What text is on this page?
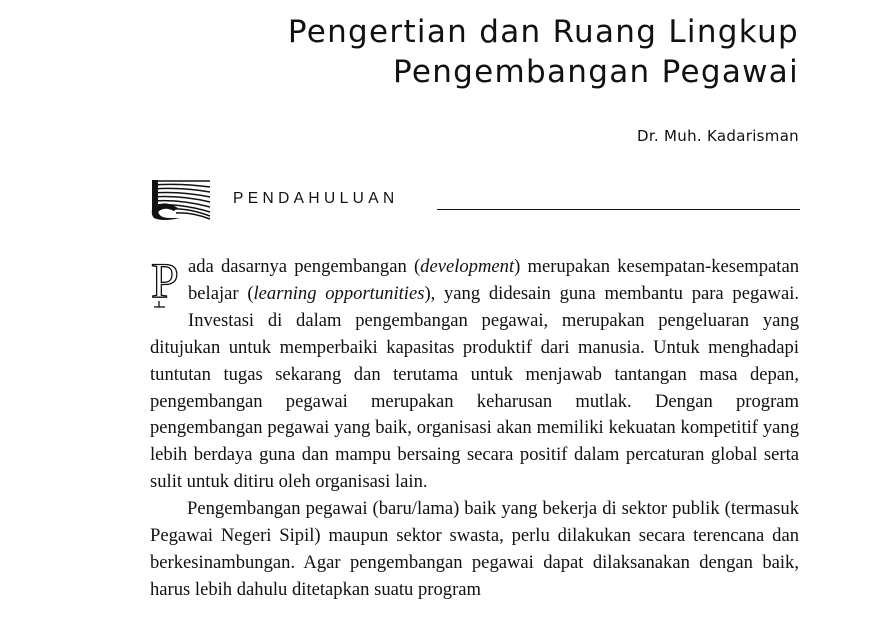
Pengertian dan Ruang Lingkup
Pengembangan Pegawai
Dr. Muh. Kadarisman
PENDAHULUAN

P ada dasarnya pengembangan (development) merupakan kesempatan-kesempatan belajar (learning opportunities), yang didesain guna membantu para pegawai. Investasi di dalam pengembangan pegawai, merupakan pengeluaran yang ditujukan untuk memperbaiki kapasitas produktif dari manusia. Untuk menghadapi tuntutan tugas sekarang dan terutama untuk menjawab tantangan masa depan, pengembangan pegawai merupakan keharusan mutlak. Dengan program pengembangan pegawai yang baik, organisasi akan memiliki kekuatan kompetitif yang lebih berdaya guna dan mampu bersaing secara positif dalam percaturan global serta sulit untuk ditiru oleh organisasi lain.

Pengembangan pegawai (baru/lama) baik yang bekerja di sektor publik (termasuk Pegawai Negeri Sipil) maupun sektor swasta, perlu dilakukan secara terencana dan berkesinambungan. Agar pengembangan pegawai dapat dilaksanakan dengan baik, harus lebih dahulu ditetapkan suatu program
